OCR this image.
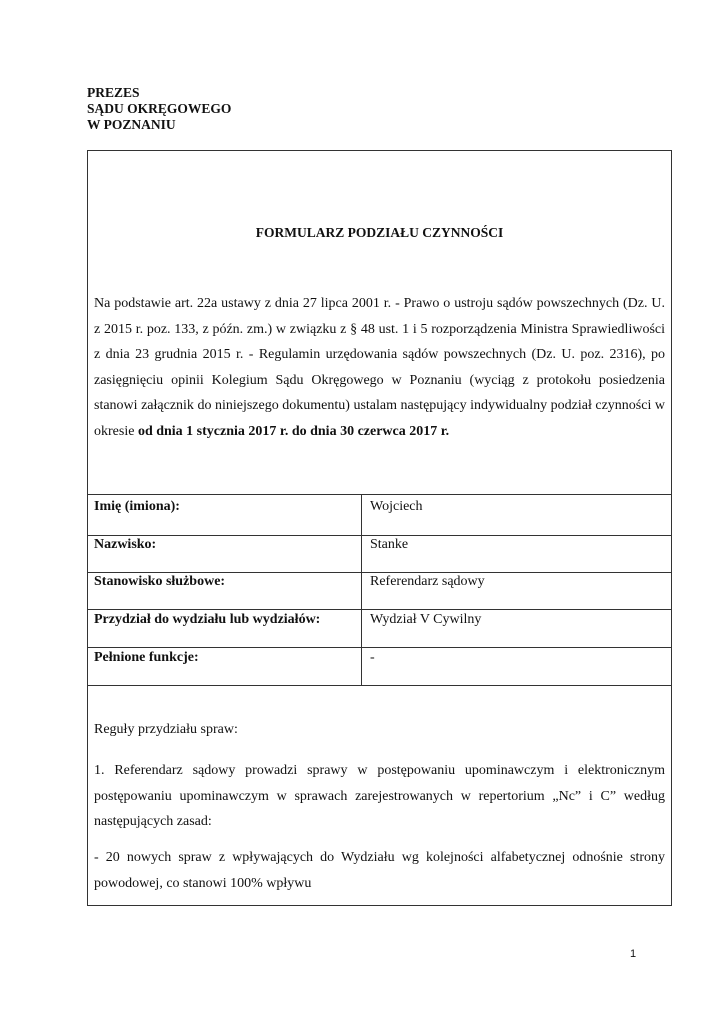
PREZES
SĄDU OKRĘGOWEGO
W POZNANIU
FORMULARZ PODZIAŁU CZYNNOŚCI

Na podstawie art. 22a ustawy z dnia 27 lipca 2001 r. - Prawo o ustroju sądów powszechnych (Dz. U. z 2015 r. poz. 133, z późn. zm.) w związku z § 48 ust. 1 i 5 rozporządzenia Ministra Sprawiedliwości z dnia 23 grudnia 2015 r. - Regulamin urzędowania sądów powszechnych (Dz. U. poz. 2316), po zasięgnięciu opinii Kolegium Sądu Okręgowego w Poznaniu (wyciąg z protokołu posiedzenia stanowi załącznik do niniejszego dokumentu) ustalam następujący indywidualny podział czynności w okresie od dnia 1 stycznia 2017 r. do dnia 30 czerwca 2017 r.

Imię (imiona):	Wojciech
Nazwisko:	Stanke
Stanowisko służbowe:	Referendarz sądowy
Przydział do wydziału lub wydziałów:	Wydział V Cywilny
Pełnione funkcje:	-
Reguły przydziału spraw:

1. Referendarz sądowy prowadzi sprawy w postępowaniu upominawczym i elektronicznym postępowaniu upominawczym w sprawach zarejestrowanych w repertorium „Nc” i C” według następujących zasad:

- 20 nowych spraw z wpływających do Wydziału wg kolejności alfabetycznej odnośnie strony powodowej, co stanowi 100% wpływu

1
